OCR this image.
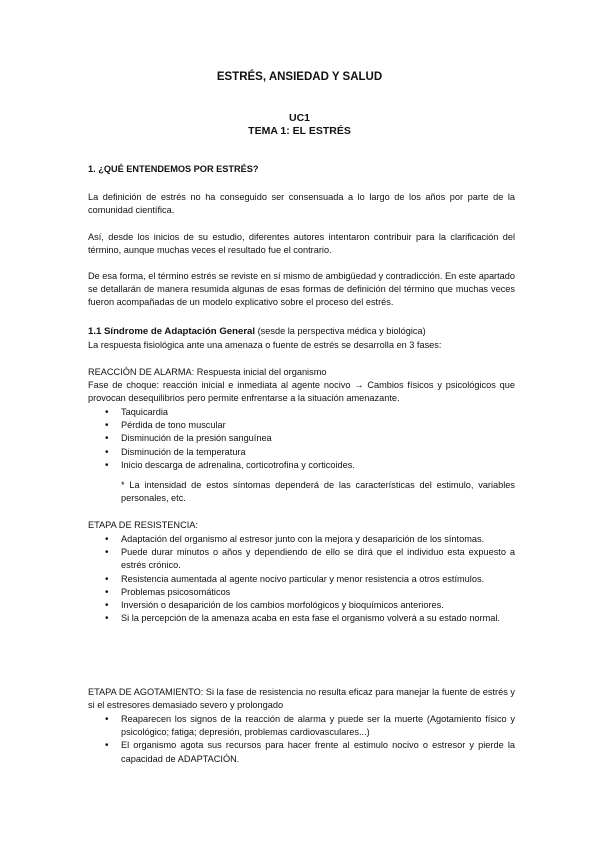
ESTRÉS, ANSIEDAD Y SALUD
UC1
TEMA 1: EL ESTRÉS
1. ¿QUÉ ENTENDEMOS POR ESTRÉS?
La definición de estrés no ha conseguido ser consensuada a lo largo de los años por parte de la comunidad científica.
Así, desde los inicios de su estudio, diferentes autores intentaron contribuir para la clarificación del término, aunque muchas veces el resultado fue el contrario.
De esa forma, el término estrés se reviste en sí mismo de ambigüedad y contradicción. En este apartado se detallarán de manera resumida algunas de esas formas de definición del término que muchas veces fueron acompañadas de un modelo explicativo sobre el proceso del estrés.
1.1 Síndrome de Adaptación General (sesde la perspectiva médica y biológica)
La respuesta fisiológica ante una amenaza o fuente de estrés se desarrolla en 3 fases:
REACCIÓN DE ALARMA: Respuesta inicial del organismo
Fase de choque: reacción inicial e inmediata al agente nocivo → Cambios físicos y psicológicos que provocan desequilibrios pero permite enfrentarse a la situación amenazante.
• Taquicardia
• Pérdida de tono muscular
• Disminución de la presión sanguínea
• Disminución de la temperatura
• Inicio descarga de adrenalina, corticotrofina y corticoides.
* La intensidad de estos síntomas dependerá de las características del estimulo, variables personales, etc.
ETAPA DE RESISTENCIA:
• Adaptación del organismo al estresor junto con la mejora y desaparición de los síntomas.
• Puede durar minutos o años y dependiendo de ello se dirá que el individuo esta expuesto a estrés crónico.
• Resistencia aumentada al agente nocivo particular y menor resistencia a otros estímulos.
• Problemas psicosomáticos
• Inversión o desaparición de los cambios morfológicos y bioquímicos anteriores.
• Si la percepción de la amenaza acaba en esta fase el organismo volverá a su estado normal.
ETAPA DE AGOTAMIENTO: Si la fase de resistencia no resulta eficaz para manejar la fuente de estrés y si el estresores demasiado severo y prolongado
• Reaparecen los signos de la reacción de alarma y puede ser la muerte (Agotamiento físico y psicológico; fatiga; depresión, problemas cardiovasculares...)
• El organismo agota sus recursos para hacer frente al estimulo nocivo o estresor y pierde la capacidad de ADAPTACIÓN.
